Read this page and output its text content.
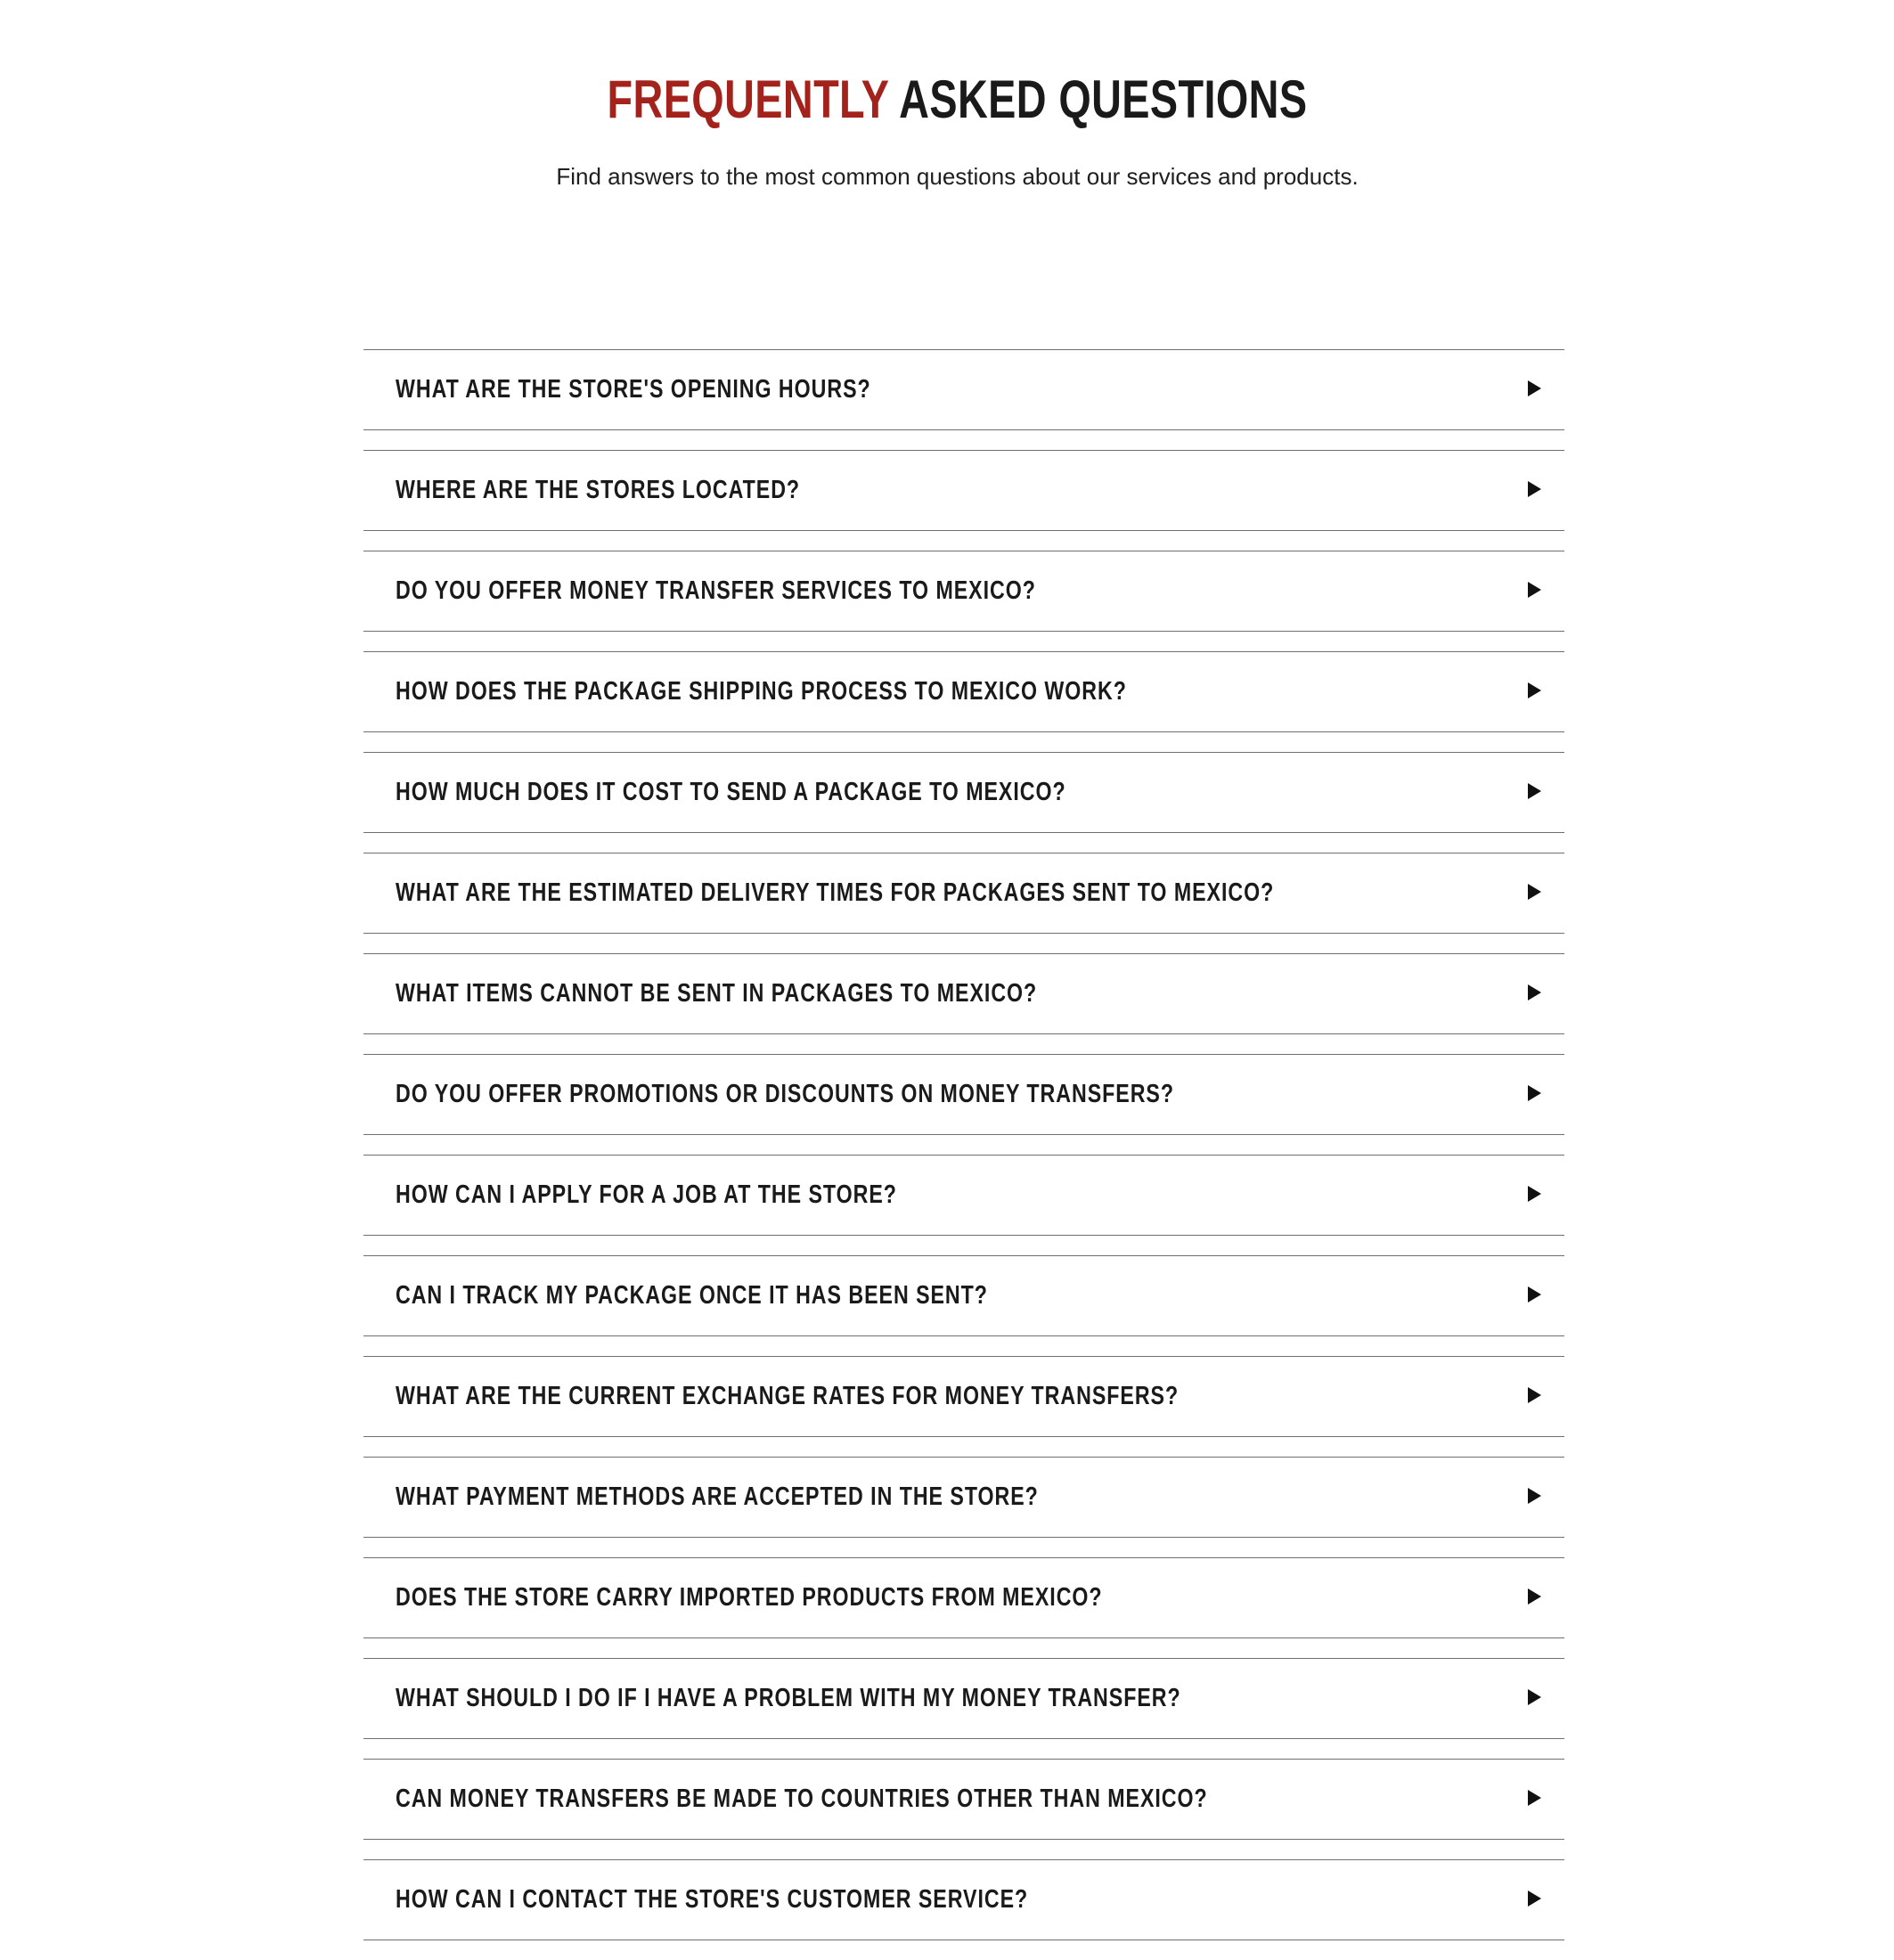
FREQUENTLY ASKED QUESTIONS

Find answers to the most common questions about our services and products.

WHAT ARE THE STORE'S OPENING HOURS?
WHERE ARE THE STORES LOCATED?
DO YOU OFFER MONEY TRANSFER SERVICES TO MEXICO?
HOW DOES THE PACKAGE SHIPPING PROCESS TO MEXICO WORK?
HOW MUCH DOES IT COST TO SEND A PACKAGE TO MEXICO?
WHAT ARE THE ESTIMATED DELIVERY TIMES FOR PACKAGES SENT TO MEXICO?
WHAT ITEMS CANNOT BE SENT IN PACKAGES TO MEXICO?
DO YOU OFFER PROMOTIONS OR DISCOUNTS ON MONEY TRANSFERS?
HOW CAN I APPLY FOR A JOB AT THE STORE?
CAN I TRACK MY PACKAGE ONCE IT HAS BEEN SENT?
WHAT ARE THE CURRENT EXCHANGE RATES FOR MONEY TRANSFERS?
WHAT PAYMENT METHODS ARE ACCEPTED IN THE STORE?
DOES THE STORE CARRY IMPORTED PRODUCTS FROM MEXICO?
WHAT SHOULD I DO IF I HAVE A PROBLEM WITH MY MONEY TRANSFER?
CAN MONEY TRANSFERS BE MADE TO COUNTRIES OTHER THAN MEXICO?
HOW CAN I CONTACT THE STORE'S CUSTOMER SERVICE?
